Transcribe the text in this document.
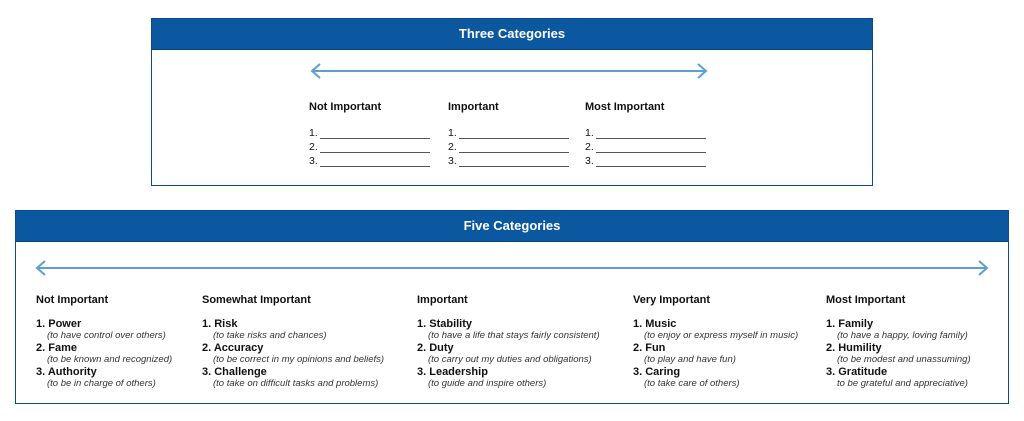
Three Categories
Not Important
1.
2.
3.
Important
1.
2.
3.
Most Important
1.
2.
3.
Five Categories
Not Important
1. Power
(to have control over others)
2. Fame
(to be known and recognized)
3. Authority
(to be in charge of others)
Somewhat Important
1. Risk
(to take risks and chances)
2. Accuracy
(to be correct in my opinions and beliefs)
3. Challenge
(to take on difficult tasks and problems)
Important
1. Stability
(to have a life that stays fairly consistent)
2. Duty
(to carry out my duties and obligations)
3. Leadership
(to guide and inspire others)
Very Important
1. Music
(to enjoy or express myself in music)
2. Fun
(to play and have fun)
3. Caring
(to take care of others)
Most Important
1. Family
(to have a happy, loving family)
2. Humility
(to be modest and unassuming)
3. Gratitude
to be grateful and appreciative)
